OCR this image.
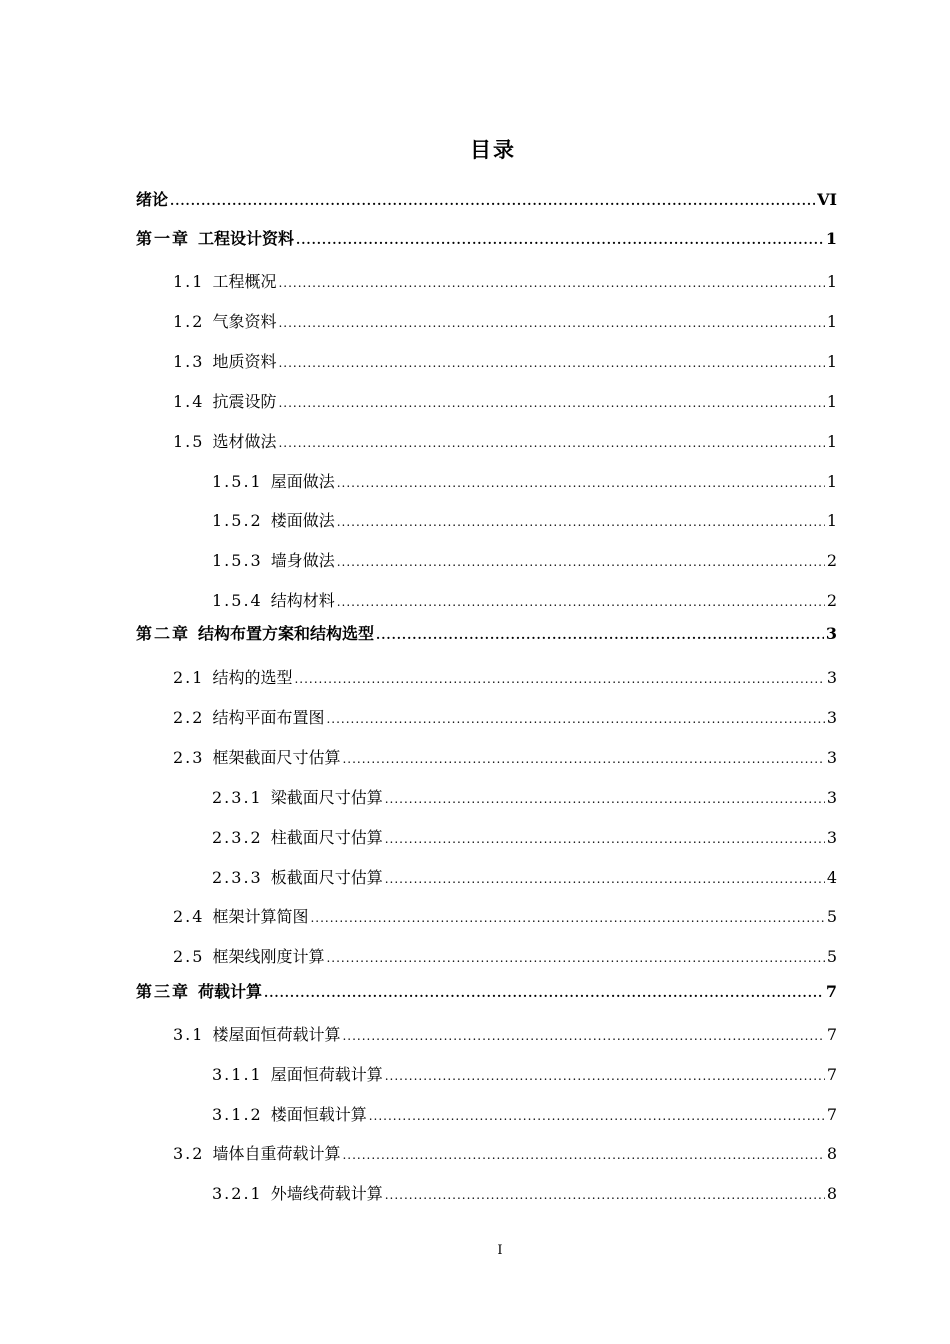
目录
绪论 .....	VI
第一章 工程设计资料 .....	1
1.1 工程概况 .....	1
1.2 气象资料 .....	1
1.3 地质资料 .....	1
1.4 抗震设防 .....	1
1.5 选材做法 .....	1
1.5.1 屋面做法 .....	1
1.5.2 楼面做法 .....	1
1.5.3 墙身做法 .....	2
1.5.4 结构材料 .....	2
第二章 结构布置方案和结构选型 .....	3
2.1 结构的选型 .....	3
2.2 结构平面布置图 .....	3
2.3 框架截面尺寸估算 .....	3
2.3.1 梁截面尺寸估算 .....	3
2.3.2 柱截面尺寸估算 .....	3
2.3.3 板截面尺寸估算 .....	4
2.4 框架计算简图 .....	5
2.5 框架线刚度计算 .....	5
第三章 荷载计算 .....	7
3.1 楼屋面恒荷载计算 .....	7
3.1.1 屋面恒荷载计算 .....	7
3.1.2 楼面恒载计算 .....	7
3.2 墙体自重荷载计算 .....	8
3.2.1 外墙线荷载计算 .....	8
I
